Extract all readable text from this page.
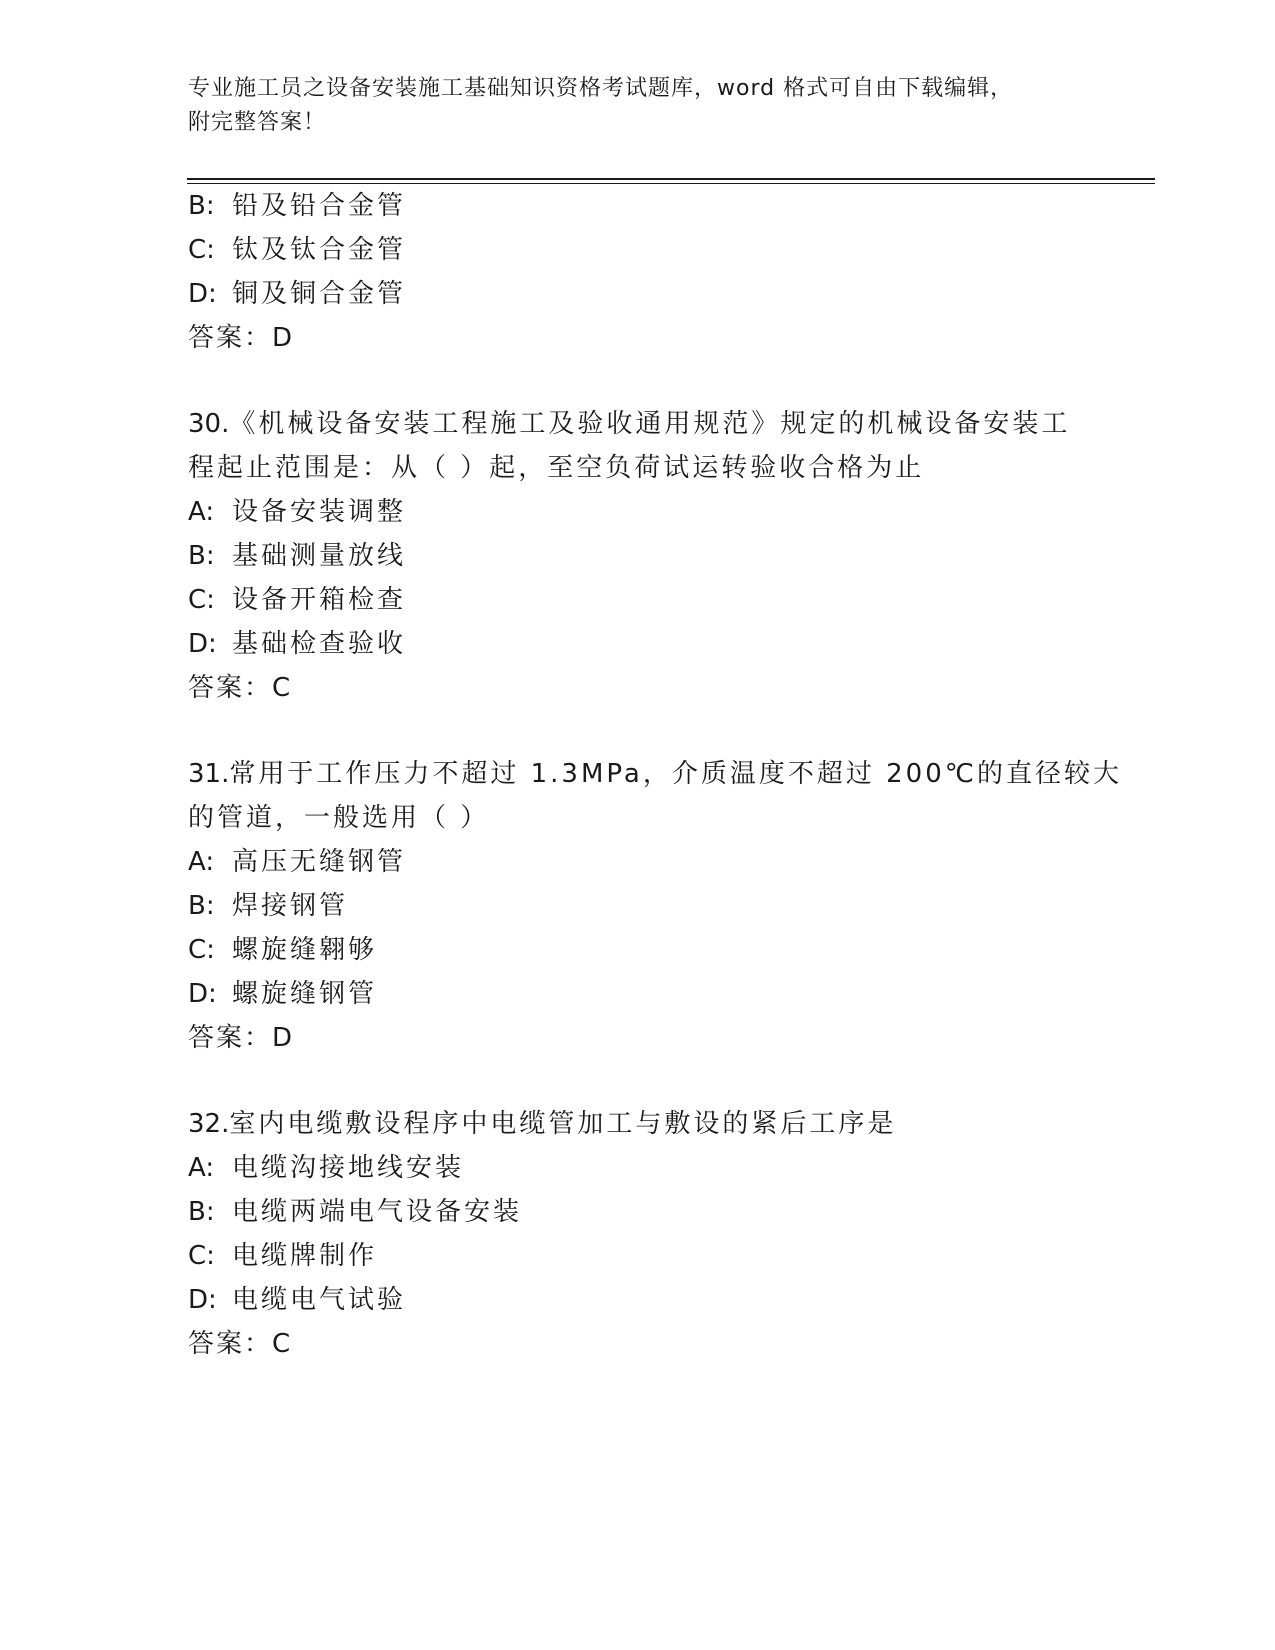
专业施工员之设备安装施工基础知识资格考试题库，word 格式可自由下载编辑，
附完整答案！
B: 铅及铅合金管
C: 钛及钛合金管
D: 铜及铜合金管
答案：D
30.《机械设备安装工程施工及验收通用规范》规定的机械设备安装工
程起止范围是：从（ ）起，至空负荷试运转验收合格为止
A: 设备安装调整
B: 基础测量放线
C: 设备开箱检查
D: 基础检查验收
答案：C
31.常用于工作压力不超过 1.3MPa，介质温度不超过 200℃的直径较大
的管道，一般选用（ ）
A: 高压无缝钢管
B: 焊接钢管
C: 螺旋缝翱够
D: 螺旋缝钢管
答案：D
32.室内电缆敷设程序中电缆管加工与敷设的紧后工序是
A: 电缆沟接地线安装
B: 电缆两端电气设备安装
C: 电缆牌制作
D: 电缆电气试验
答案：C
